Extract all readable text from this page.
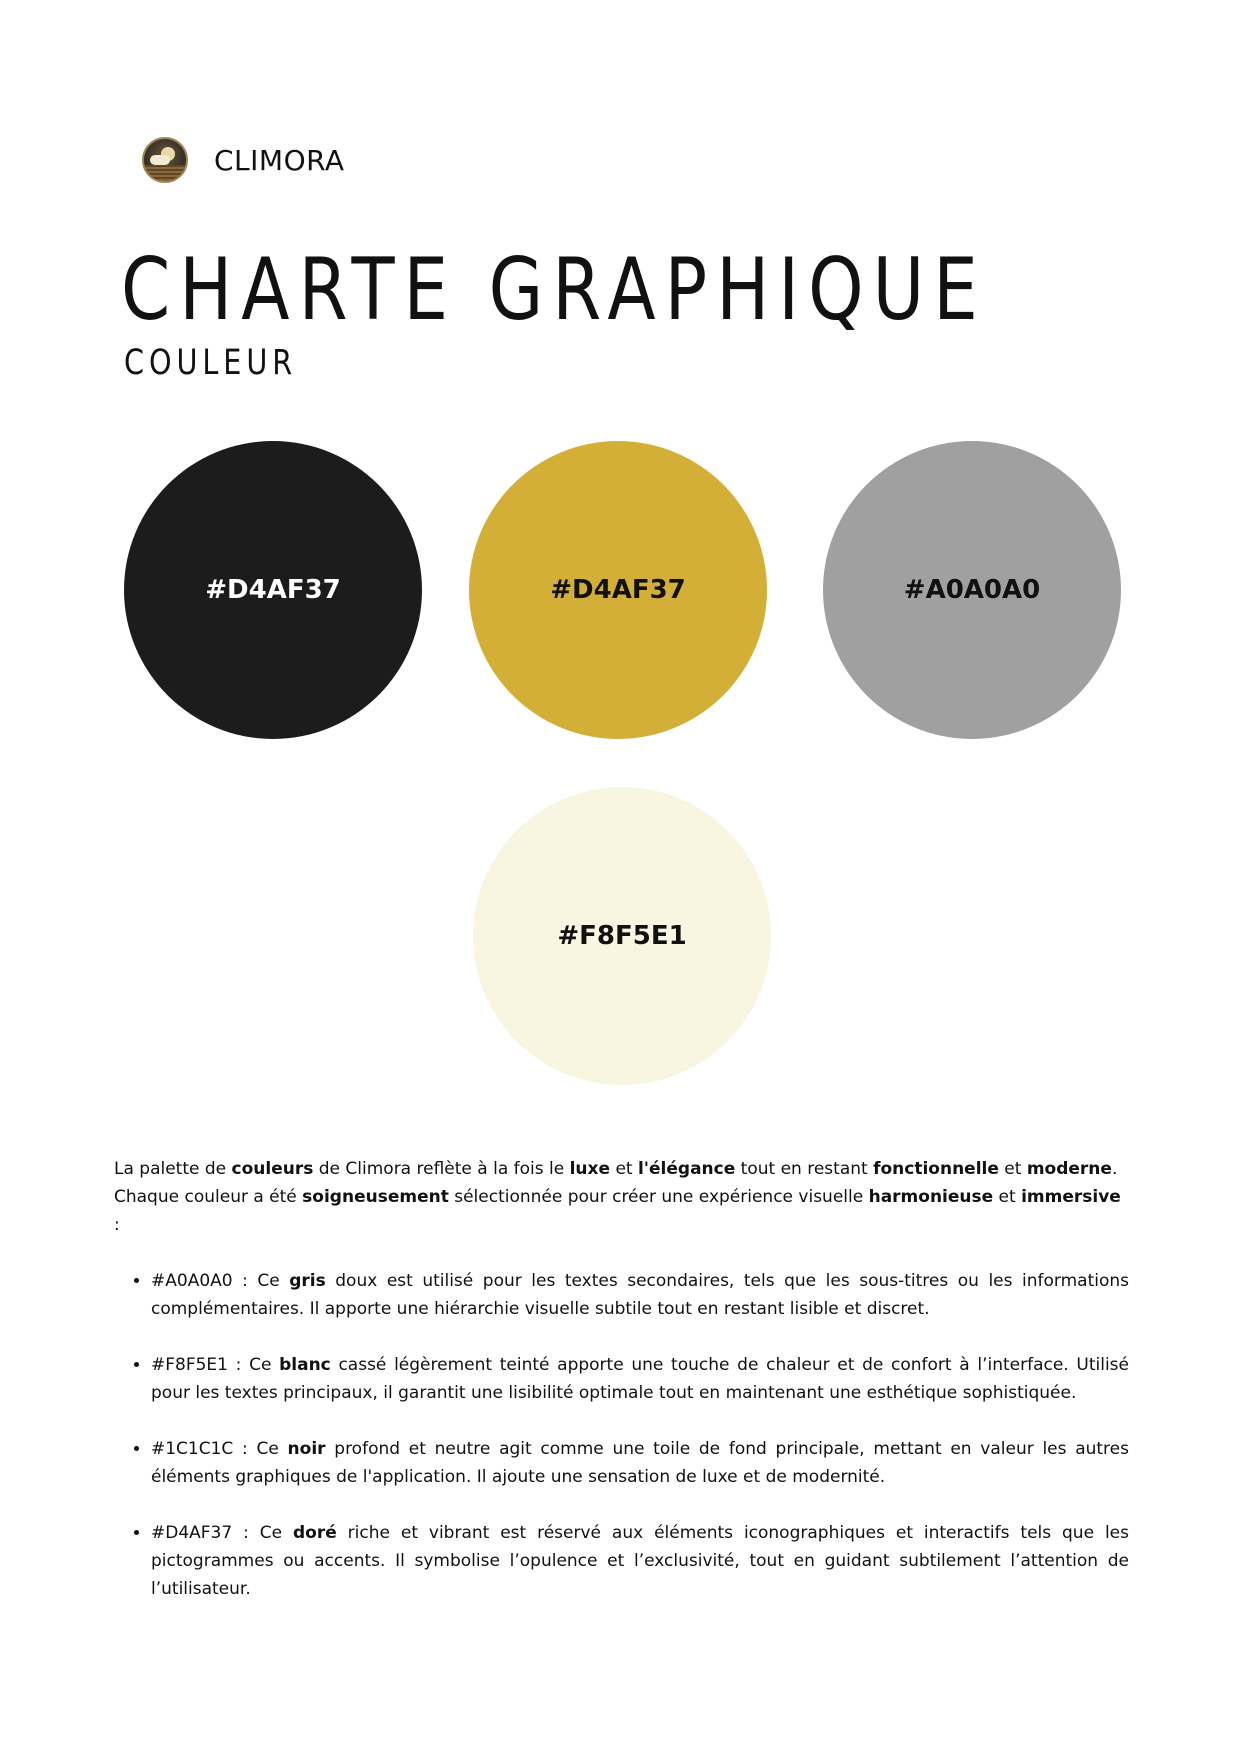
CLIMORA
CHARTE GRAPHIQUE
COULEUR
#D4AF37	#D4AF37	#A0A0A0
#F8F5E1

La palette de couleurs de Climora reflète à la fois le luxe et l'élégance tout en restant fonctionnelle et moderne. Chaque couleur a été soigneusement sélectionnée pour créer une expérience visuelle harmonieuse et immersive :

• #A0A0A0 : Ce gris doux est utilisé pour les textes secondaires, tels que les sous-titres ou les informations complémentaires. Il apporte une hiérarchie visuelle subtile tout en restant lisible et discret.
• #F8F5E1 : Ce blanc cassé légèrement teinté apporte une touche de chaleur et de confort à l’interface. Utilisé pour les textes principaux, il garantit une lisibilité optimale tout en maintenant une esthétique sophistiquée.
• #1C1C1C : Ce noir profond et neutre agit comme une toile de fond principale, mettant en valeur les autres éléments graphiques de l'application. Il ajoute une sensation de luxe et de modernité.
• #D4AF37 : Ce doré riche et vibrant est réservé aux éléments iconographiques et interactifs tels que les pictogrammes ou accents. Il symbolise l’opulence et l’exclusivité, tout en guidant subtilement l’attention de l’utilisateur.
